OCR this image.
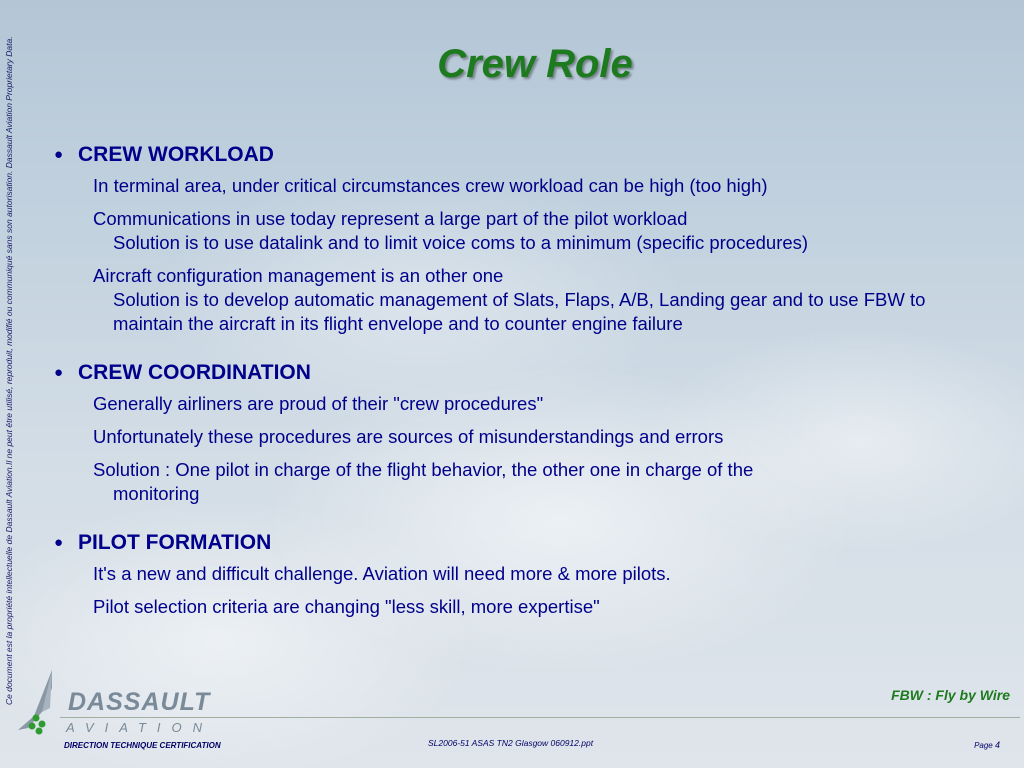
Ce document est la propriété intellectuelle de Dassault Aviation.Il ne peut être utilisé, reproduit, modifié ou communiqué sans son autorisation. Dassault Aviation Proprietary Data.	Crew Role
● CREW WORKLOAD
In terminal area, under critical circumstances crew workload can be high (too high)
Communications in use today represent a large part of the pilot workload
Solution is to use datalink and to limit voice coms to a minimum (specific procedures)
Aircraft configuration management is an other one
Solution is to develop automatic management of Slats, Flaps, A/B, Landing gear and to use FBW to maintain the aircraft in its flight envelope and to counter engine failure
● CREW COORDINATION
Generally airliners are proud of their "crew procedures"
Unfortunately these procedures are sources of misunderstandings and errors
Solution : One pilot in charge of the flight behavior, the other one in charge of the
monitoring
● PILOT FORMATION
It's a new and difficult challenge. Aviation will need more & more pilots.
Pilot selection criteria are changing "less skill, more expertise"
DASSAULT
AVIATION
FBW : Fly by Wire
DIRECTION TECHNIQUE CERTIFICATION	SL2006-51 ASAS TN2 Glasgow 060912.ppt	Page 4
